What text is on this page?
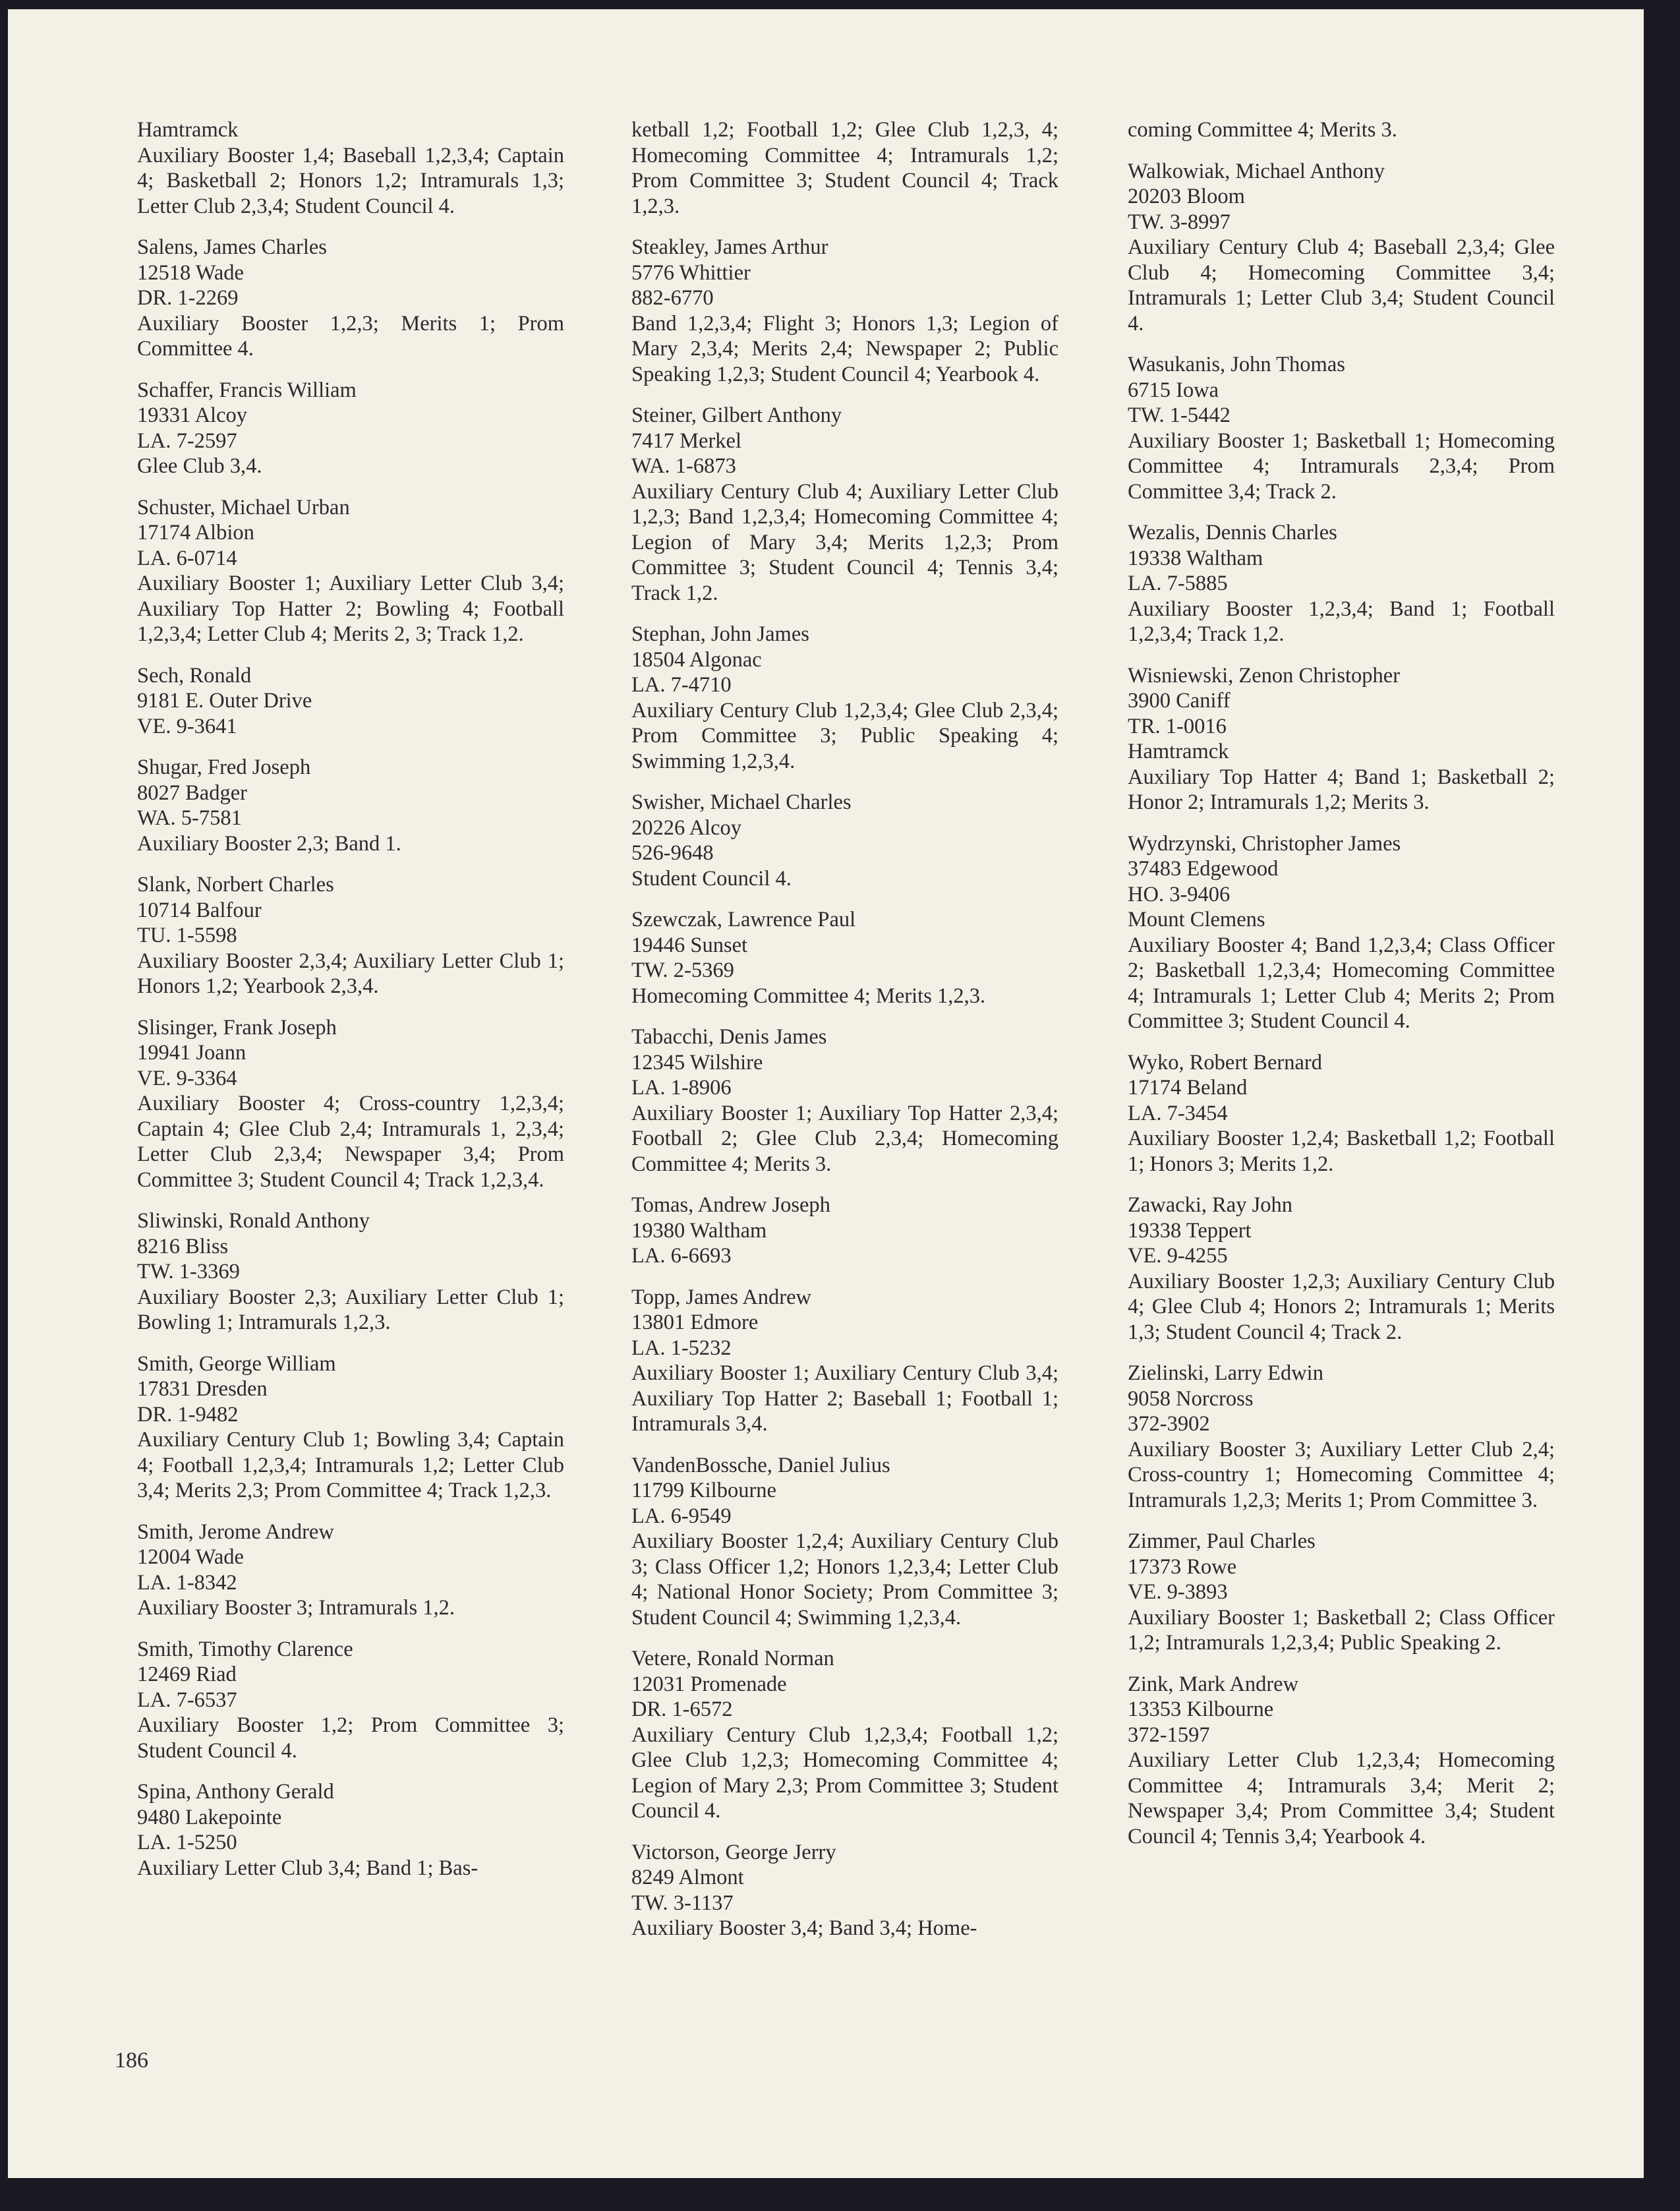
Hamtramck
Auxiliary Booster 1,4; Baseball 1,2,3,4; Captain 4; Basketball 2; Honors 1,2; Intramurals 1,3; Letter Club 2,3,4; Student Council 4.
Salens, James Charles
12518 Wade
DR. 1-2269
Auxiliary Booster 1,2,3; Merits 1; Prom Committee 4.
Schaffer, Francis William
19331 Alcoy
LA. 7-2597
Glee Club 3,4.
Schuster, Michael Urban
17174 Albion
LA. 6-0714
Auxiliary Booster 1; Auxiliary Letter Club 3,4; Auxiliary Top Hatter 2; Bowling 4; Football 1,2,3,4; Letter Club 4; Merits 2, 3; Track 1,2.
Sech, Ronald
9181 E. Outer Drive
VE. 9-3641
Shugar, Fred Joseph
8027 Badger
WA. 5-7581
Auxiliary Booster 2,3; Band 1.
Slank, Norbert Charles
10714 Balfour
TU. 1-5598
Auxiliary Booster 2,3,4; Auxiliary Letter Club 1; Honors 1,2; Yearbook 2,3,4.
Slisinger, Frank Joseph
19941 Joann
VE. 9-3364
Auxiliary Booster 4; Cross-country 1,2,3,4; Captain 4; Glee Club 2,4; Intramurals 1, 2,3,4; Letter Club 2,3,4; Newspaper 3,4; Prom Committee 3; Student Council 4; Track 1,2,3,4.
Sliwinski, Ronald Anthony
8216 Bliss
TW. 1-3369
Auxiliary Booster 2,3; Auxiliary Letter Club 1; Bowling 1; Intramurals 1,2,3.
Smith, George William
17831 Dresden
DR. 1-9482
Auxiliary Century Club 1; Bowling 3,4; Captain 4; Football 1,2,3,4; Intramurals 1,2; Letter Club 3,4; Merits 2,3; Prom Committee 4; Track 1,2,3.
Smith, Jerome Andrew
12004 Wade
LA. 1-8342
Auxiliary Booster 3; Intramurals 1,2.
Smith, Timothy Clarence
12469 Riad
LA. 7-6537
Auxiliary Booster 1,2; Prom Committee 3; Student Council 4.
Spina, Anthony Gerald
9480 Lakepointe
LA. 1-5250
Auxiliary Letter Club 3,4; Band 1; Bas-
ketball 1,2; Football 1,2; Glee Club 1,2,3, 4; Homecoming Committee 4; Intramurals 1,2; Prom Committee 3; Student Council 4; Track 1,2,3.
Steakley, James Arthur
5776 Whittier
882-6770
Band 1,2,3,4; Flight 3; Honors 1,3; Legion of Mary 2,3,4; Merits 2,4; Newspaper 2; Public Speaking 1,2,3; Student Council 4; Yearbook 4.
Steiner, Gilbert Anthony
7417 Merkel
WA. 1-6873
Auxiliary Century Club 4; Auxiliary Letter Club 1,2,3; Band 1,2,3,4; Homecoming Committee 4; Legion of Mary 3,4; Merits 1,2,3; Prom Committee 3; Student Council 4; Tennis 3,4; Track 1,2.
Stephan, John James
18504 Algonac
LA. 7-4710
Auxiliary Century Club 1,2,3,4; Glee Club 2,3,4; Prom Committee 3; Public Speaking 4; Swimming 1,2,3,4.
Swisher, Michael Charles
20226 Alcoy
526-9648
Student Council 4.
Szewczak, Lawrence Paul
19446 Sunset
TW. 2-5369
Homecoming Committee 4; Merits 1,2,3.
Tabacchi, Denis James
12345 Wilshire
LA. 1-8906
Auxiliary Booster 1; Auxiliary Top Hatter 2,3,4; Football 2; Glee Club 2,3,4; Homecoming Committee 4; Merits 3.
Tomas, Andrew Joseph
19380 Waltham
LA. 6-6693
Topp, James Andrew
13801 Edmore
LA. 1-5232
Auxiliary Booster 1; Auxiliary Century Club 3,4; Auxiliary Top Hatter 2; Baseball 1; Football 1; Intramurals 3,4.
VandenBossche, Daniel Julius
11799 Kilbourne
LA. 6-9549
Auxiliary Booster 1,2,4; Auxiliary Century Club 3; Class Officer 1,2; Honors 1,2,3,4; Letter Club 4; National Honor Society; Prom Committee 3; Student Council 4; Swimming 1,2,3,4.
Vetere, Ronald Norman
12031 Promenade
DR. 1-6572
Auxiliary Century Club 1,2,3,4; Football 1,2; Glee Club 1,2,3; Homecoming Committee 4; Legion of Mary 2,3; Prom Committee 3; Student Council 4.
Victorson, George Jerry
8249 Almont
TW. 3-1137
Auxiliary Booster 3,4; Band 3,4; Home-
coming Committee 4; Merits 3.
Walkowiak, Michael Anthony
20203 Bloom
TW. 3-8997
Auxiliary Century Club 4; Baseball 2,3,4; Glee Club 4; Homecoming Committee 3,4; Intramurals 1; Letter Club 3,4; Student Council 4.
Wasukanis, John Thomas
6715 Iowa
TW. 1-5442
Auxiliary Booster 1; Basketball 1; Homecoming Committee 4; Intramurals 2,3,4; Prom Committee 3,4; Track 2.
Wezalis, Dennis Charles
19338 Waltham
LA. 7-5885
Auxiliary Booster 1,2,3,4; Band 1; Football 1,2,3,4; Track 1,2.
Wisniewski, Zenon Christopher
3900 Caniff
TR. 1-0016
Hamtramck
Auxiliary Top Hatter 4; Band 1; Basketball 2; Honor 2; Intramurals 1,2; Merits 3.
Wydrzynski, Christopher James
37483 Edgewood
HO. 3-9406
Mount Clemens
Auxiliary Booster 4; Band 1,2,3,4; Class Officer 2; Basketball 1,2,3,4; Homecoming Committee 4; Intramurals 1; Letter Club 4; Merits 2; Prom Committee 3; Student Council 4.
Wyko, Robert Bernard
17174 Beland
LA. 7-3454
Auxiliary Booster 1,2,4; Basketball 1,2; Football 1; Honors 3; Merits 1,2.
Zawacki, Ray John
19338 Teppert
VE. 9-4255
Auxiliary Booster 1,2,3; Auxiliary Century Club 4; Glee Club 4; Honors 2; Intramurals 1; Merits 1,3; Student Council 4; Track 2.
Zielinski, Larry Edwin
9058 Norcross
372-3902
Auxiliary Booster 3; Auxiliary Letter Club 2,4; Cross-country 1; Homecoming Committee 4; Intramurals 1,2,3; Merits 1; Prom Committee 3.
Zimmer, Paul Charles
17373 Rowe
VE. 9-3893
Auxiliary Booster 1; Basketball 2; Class Officer 1,2; Intramurals 1,2,3,4; Public Speaking 2.
Zink, Mark Andrew
13353 Kilbourne
372-1597
Auxiliary Letter Club 1,2,3,4; Homecoming Committee 4; Intramurals 3,4; Merit 2; Newspaper 3,4; Prom Committee 3,4; Student Council 4; Tennis 3,4; Yearbook 4.
186
